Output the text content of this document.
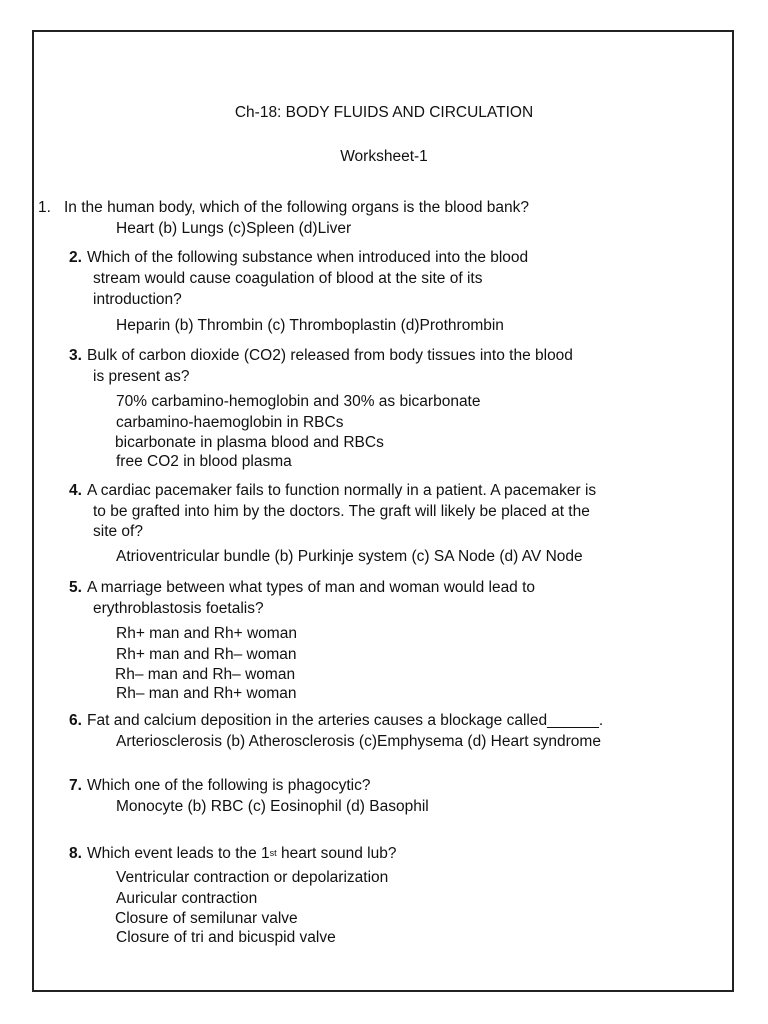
Ch-18: BODY FLUIDS AND CIRCULATION
Worksheet-1
1. In the human body, which of the following organs is the blood bank?
Heart (b) Lungs (c)Spleen (d)Liver
2. Which of the following substance when introduced into the blood
stream would cause coagulation of blood at the site of its
introduction?
Heparin (b) Thrombin (c) Thromboplastin (d)Prothrombin
3. Bulk of carbon dioxide (CO2) released from body tissues into the blood
is present as?
70% carbamino-hemoglobin and 30% as bicarbonate
carbamino-haemoglobin in RBCs
bicarbonate in plasma blood and RBCs
free CO2 in blood plasma
4. A cardiac pacemaker fails to function normally in a patient. A pacemaker is
to be grafted into him by the doctors. The graft will likely be placed at the
site of?
Atrioventricular bundle (b) Purkinje system (c) SA Node (d) AV Node
5. A marriage between what types of man and woman would lead to
erythroblastosis foetalis?
Rh+ man and Rh+ woman
Rh+ man and Rh– woman
Rh– man and Rh– woman
Rh– man and Rh+ woman
6. Fat and calcium deposition in the arteries causes a blockage called______.
Arteriosclerosis (b) Atherosclerosis (c)Emphysema (d) Heart syndrome
7. Which one of the following is phagocytic?
Monocyte (b) RBC (c) Eosinophil (d) Basophil
8. Which event leads to the 1st heart sound lub?
Ventricular contraction or depolarization
Auricular contraction
Closure of semilunar valve
Closure of tri and bicuspid valve
